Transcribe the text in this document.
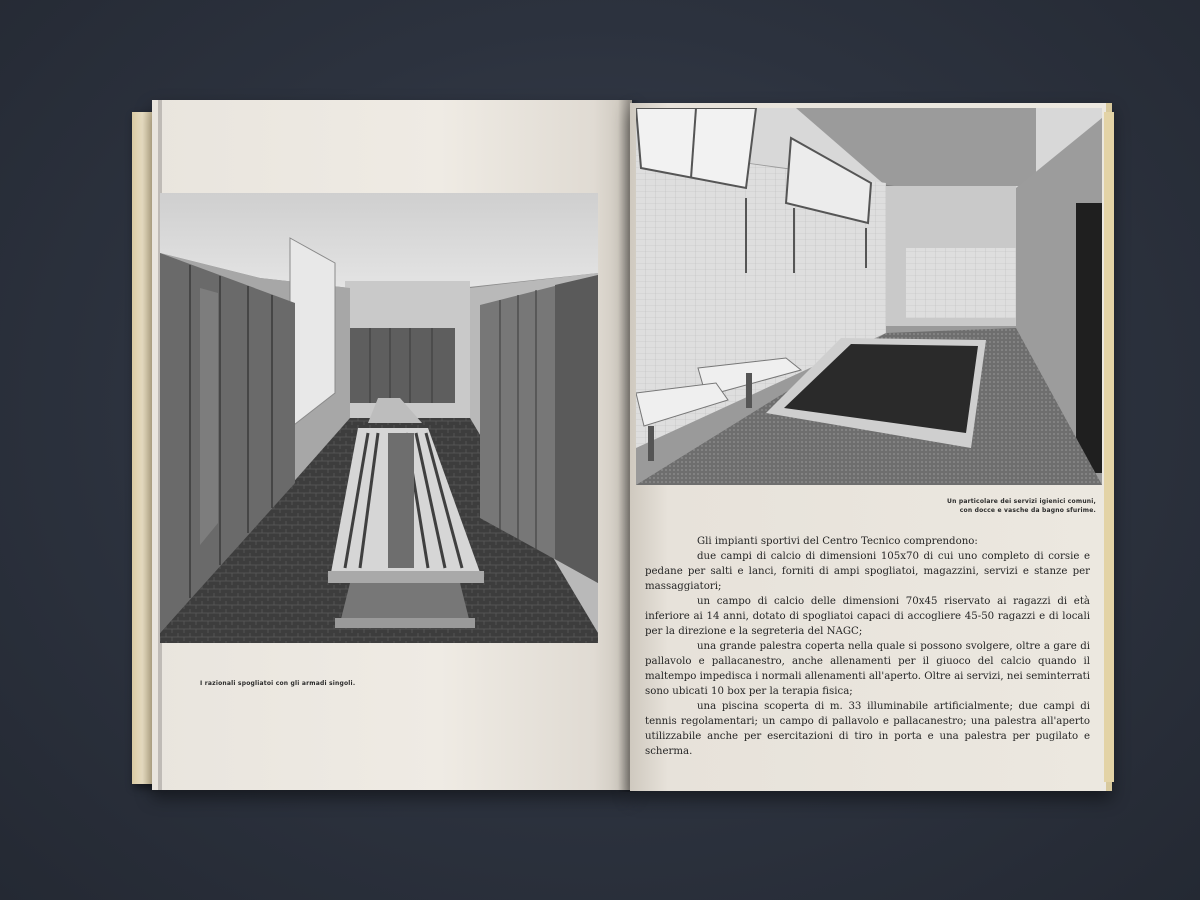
I razionali spogliatoi con gli armadi singoli.
Un particolare dei servizi igienici comuni,
con docce e vasche da bagno sfurime.

Gli impianti sportivi del Centro Tecnico comprendono:

due campi di calcio di dimensioni 105x70 di cui uno completo di corsie e pedane per salti e lanci, forniti di ampi spogliatoi, magazzini, servizi e stanze per massaggiatori;

un campo di calcio delle dimensioni 70x45 riservato ai ragazzi di età inferiore ai 14 anni, dotato di spogliatoi capaci di accogliere 45-50 ragazzi e di locali per la direzione e la segreteria del NAGC;

una grande palestra coperta nella quale si possono svolgere, oltre a gare di pallavolo e pallacanestro, anche allenamenti per il giuoco del calcio quando il maltempo impedisca i normali allenamenti all'aperto. Oltre ai servizi, nei seminterrati sono ubicati 10 box per la terapia fisica;

una piscina scoperta di m. 33 illuminabile artificialmente; due campi di tennis regolamentari; un campo di pallavolo e pallacanestro; una palestra all'aperto utilizzabile anche per esercitazioni di tiro in porta e una palestra per pugilato e scherma.
